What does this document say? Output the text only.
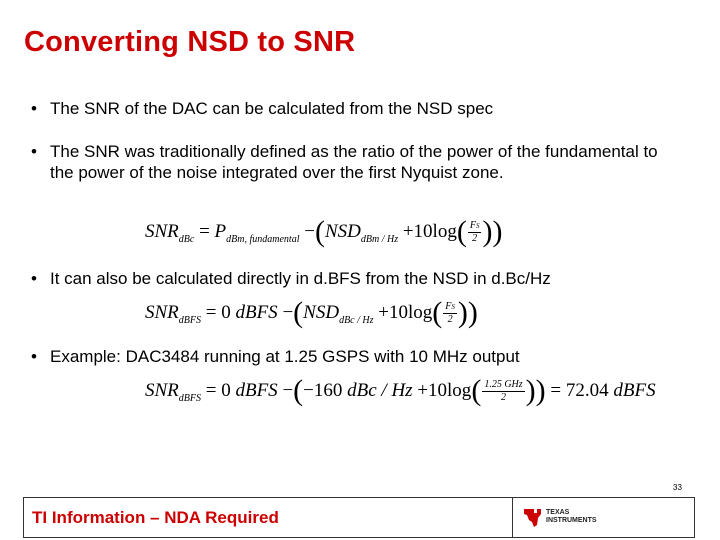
Converting NSD to SNR
• The SNR of the DAC can be calculated from the NSD spec
• The SNR was traditionally defined as the ratio of the power of the fundamental to the power of the noise integrated over the first Nyquist zone.
$SNR_{dBc} = P_{dBm, fundamental} -(NSD_{dBm / Hz} +10\log( \frac{FS}{2}$ ))
• It can also be calculated directly in d.BFS from the NSD in d.Bc/Hz
$SNR_{dBFS} = 0$ dBFS $-(NSD_{dBc / Hz} +10\log( \frac{FS}{2}$ ))
• Example: DAC3484 running at 1.25 GSPS with 10 MHz output
$SNR_{dBFS} = 0$ dBFS −(−160 dBc / $Hz +10\log( \frac{\text{1.25 GHz}}{2}$ )) = 72.04 dBFS
33
TI Information – NDA Required	TEXAS
INSTRUMENTS
